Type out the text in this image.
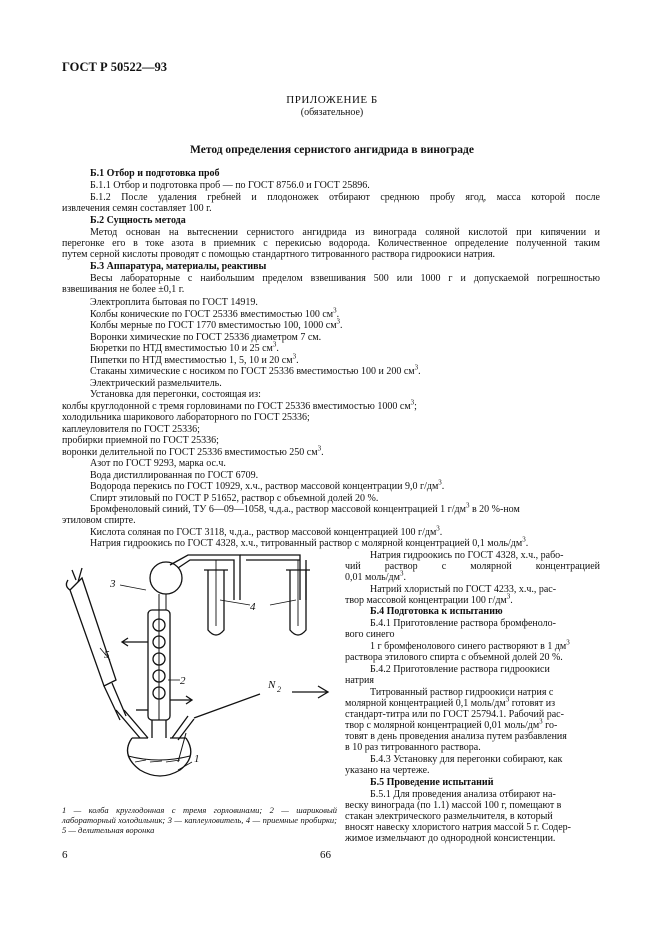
ГОСТ Р 50522—93
ПРИЛОЖЕНИЕ Б
(обязательное)
Метод определения сернистого ангидрида в винограде
Б.1 Отбор и подготовка проб
Б.1.1 Отбор и подготовка проб — по ГОСТ 8756.0 и ГОСТ 25896.
Б.1.2 После удаления гребней и плодоножек отбирают среднюю пробу ягод, масса которой после
извлечения семян составляет 100 г.
Б.2 Сущность метода
Метод основан на вытеснении сернистого ангидрида из винограда соляной кислотой при кипячении и
перегонке его в токе азота в приемник с перекисью водорода. Количественное определение полученной таким
путем серной кислоты проводят с помощью стандартного титрованного раствора гидроокиси натрия.
Б.3 Аппаратура, материалы, реактивы
Весы лабораторные с наибольшим пределом взвешивания 500 или 1000 г и допускаемой погрешностью
взвешивания не более ±0,1 г.
Электроплита бытовая по ГОСТ 14919.
Колбы конические по ГОСТ 25336 вместимостью 100 $см^3$.
Колбы мерные по ГОСТ 1770 вместимостью 100, 1000 $см^3$.
Воронки химические по ГОСТ 25336 диаметром 7 см.
Бюретки по НТД вместимостью 10 и 25 $см^3$.
Пипетки по НТД вместимостью 1, 5, 10 и 20 $см^3$.
Стаканы химические с носиком по ГОСТ 25336 вместимостью 100 и 200 $см^3$.
Электрический размельчитель.
Установка для перегонки, состоящая из:
колбы круглодонной с тремя горловинами по ГОСТ 25336 вместимостью 1000 $см^3$;
холодильника шарикового лабораторного по ГОСТ 25336;
каплеуловителя по ГОСТ 25336;
пробирки приемной по ГОСТ 25336;
воронки делительной по ГОСТ 25336 вместимостью 250 $см^3$.
Азот по ГОСТ 9293, марка ос.ч.
Вода дистиллированная по ГОСТ 6709.
Водорода перекись по ГОСТ 10929, х.ч., раствор массовой концентрации 9,0 $г/дм^3$.
Спирт этиловый по ГОСТ Р 51652, раствор с объемной долей 20 %.
Бромфеноловый синий, ТУ 6—09—1058, ч.д.а., раствор массовой концентрацией 1 $г/дм^3$ в 20 %-ном
этиловом спирте.
Кислота соляная по ГОСТ 3118, ч.д.а., раствор массовой концентрацией 100 $г/дм^3$.
Натрия гидроокись по ГОСТ 4328, х.ч., титрованный раствор с молярной концентрацией 0,1 моль/$дм^3$.
Натрия гидроокись по ГОСТ 4328, х.ч., рабо-
чий раствор с молярной концентрацией
0,01 моль/$дм^3$.
Натрий хлористый по ГОСТ 4233, х.ч., рас-
твор массовой концентрации 100 $г/дм^3$.
Б.4 Подготовка к испытанию
Б.4.1 Приготовление раствора бромфеноло-
вого синего
1 г бромфенолового синего растворяют в 1 $дм^3$
раствора этилового спирта с объемной долей 20 %.
Б.4.2 Приготовление раствора гидроокиси
натрия
Титрованный раствор гидроокиси натрия с
молярной концентрацией 0,1 моль/$дм^3$ готовят из
стандарт-титра или по ГОСТ 25794.1. Рабочий рас-
твор с молярной концентрацией 0,01 моль/$дм^3$ го-
товят в день проведения анализа путем разбавления
в 10 раз титрованного раствора.
Б.4.3 Установку для перегонки собирают, как
указано на чертеже.
Б.5 Проведение испытаний
Б.5.1 Для проведения анализа отбирают на-
веску винограда (по 1.1) массой 100 г, помещают в
стакан электрического размельчителя, в который
вносят навеску хлористого натрия массой 5 г. Содер-
жимое измельчают до однородной консистенции.
3
2
4
5
1
N 2
1 — колба круглодонная с тремя горловинами; 2 — шариковый лабораторный холодильник; 3 — каплеуловитель, 4 — приемные пробирки; 5 — делительная воронка
6	66
